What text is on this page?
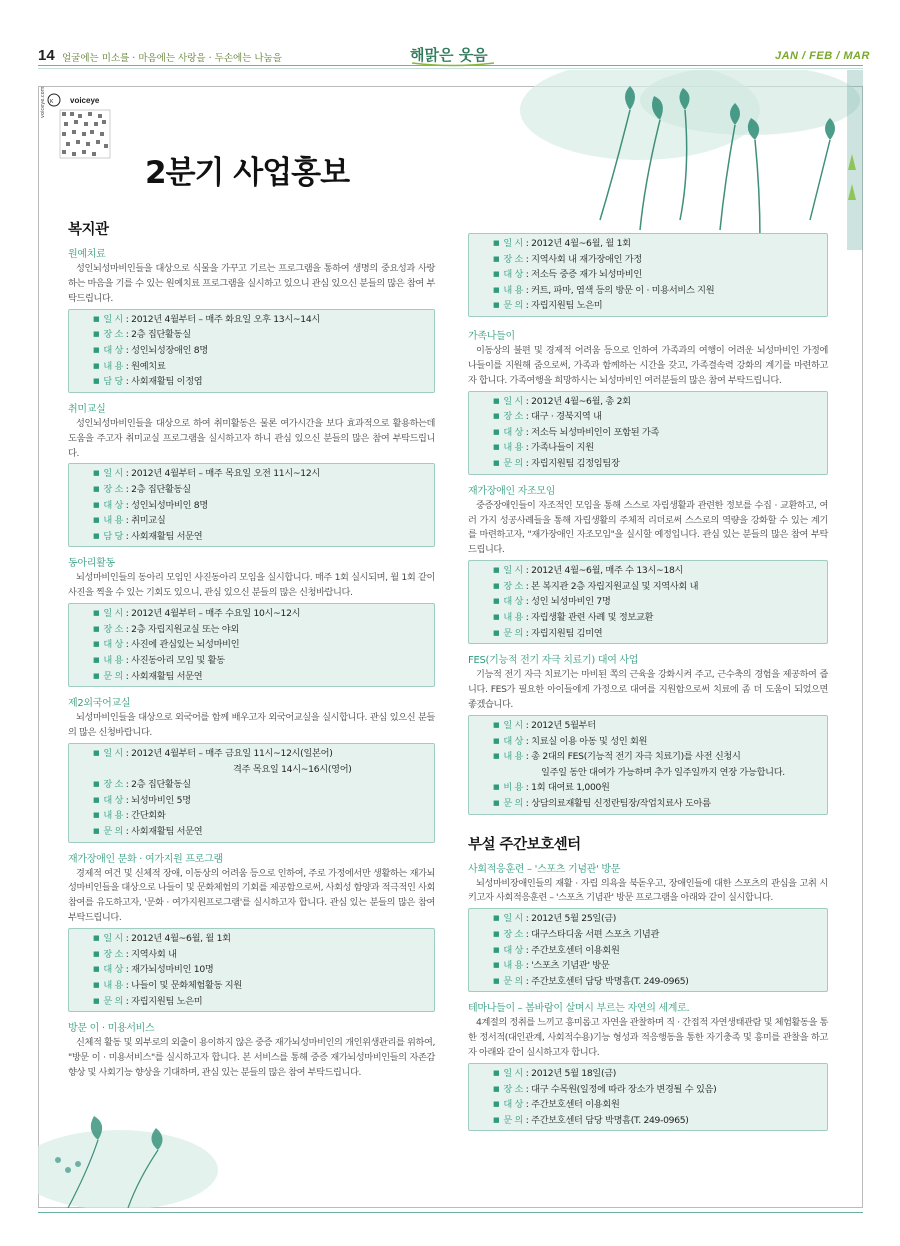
14 얼굴에는 미소를 · 마음에는 사랑을 · 두손에는 나눔을	해맑은 웃음	JAN / FEB / MAR
K voiceye
voiceye.com
2분기 사업홍보
복지관
원예치료
성인뇌성마비인들을 대상으로 식물을 가꾸고 기르는 프로그램을 통하여 생명의 중요성과 사랑하는 마음을 기를 수 있는 원예치료 프로그램을 실시하고 있으니 관심 있으신 분들의 많은 참여 부탁드립니다.
■ 일 시 : 2012년 4월부터 – 매주 화요일 오후 13시~14시
■ 장 소 : 2층 집단활동실
■ 대 상 : 성인뇌성장애인 8명
■ 내 용 : 원예치료
■ 담 당 : 사회재활팀 이정엽
취미교실
성인뇌성마비인들을 대상으로 하여 취미활동은 물론 여가시간을 보다 효과적으로 활용하는데 도움을 주고자 취미교실 프로그램을 실시하고자 하니 관심 있으신 분들의 많은 참여 부탁드립니다.
■ 일 시 : 2012년 4월부터 – 매주 목요일 오전 11시~12시
■ 장 소 : 2층 집단활동실
■ 대 상 : 성인뇌성마비인 8명
■ 내 용 : 취미교실
■ 담 당 : 사회재활팀 서문연
동아리활동
뇌성마비인들의 동아리 모임인 사진동아리 모임을 실시합니다. 매주 1회 실시되며, 월 1회 같이 사진을 찍을 수 있는 기회도 있으니, 관심 있으신 분들의 많은 신청바랍니다.
■ 일 시 : 2012년 4월부터 – 매주 수요일 10시~12시
■ 장 소 : 2층 자립지원교실 또는 야외
■ 대 상 : 사진에 관심있는 뇌성마비인
■ 내 용 : 사진동아리 모임 및 활동
■ 문 의 : 사회재활팀 서문연
제2외국어교실
뇌성마비인들을 대상으로 외국어를 함께 배우고자 외국어교실을 실시합니다. 관심 있으신 분들의 많은 신청바랍니다.
■ 일 시 : 2012년 4월부터 – 매주 금요일 11시~12시(일본어)
격주 목요일 14시~16시(영어)
■ 장 소 : 2층 집단활동실
■ 대 상 : 뇌성마비인 5명
■ 내 용 : 간단회화
■ 문 의 : 사회재활팀 서문연
재가장애인 문화 · 여가지원 프로그램
경제적 여건 및 신체적 장애, 이동상의 어려움 등으로 인하여, 주로 가정에서만 생활하는 재가뇌성마비인들을 대상으로 나들이 및 문화체험의 기회를 제공함으로써, 사회성 함양과 적극적인 사회참여를 유도하고자, '문화 · 여가지원프로그램'를 실시하고자 합니다. 관심 있는 분들의 많은 참여 부탁드립니다.
■ 일 시 : 2012년 4월~6월, 월 1회
■ 장 소 : 지역사회 내
■ 대 상 : 재가뇌성마비인 10명
■ 내 용 : 나들이 및 문화체험활동 지원
■ 문 의 : 자립지원팀 노은미
방문 이 · 미용서비스
신체적 활동 및 외부로의 외출이 용이하지 않은 중증 재가뇌성마비인의 개인위생관리를 위하여, "방문 이 · 미용서비스"를 실시하고자 합니다. 본 서비스를 통해 중증 재가뇌성마비인들의 자존감 향상 및 사회기능 향상을 기대하며, 관심 있는 분들의 많은 참여 부탁드립니다.
■ 일 시 : 2012년 4월~6월, 월 1회
■ 장 소 : 지역사회 내 재가장애인 가정
■ 대 상 : 저소득 중증 재가 뇌성마비인
■ 내 용 : 커트, 파마, 염색 등의 방문 이 · 미용서비스 지원
■ 문 의 : 자립지원팀 노은미
가족나들이
이동상의 불편 및 경제적 어려움 등으로 인하여 가족과의 여행이 어려운 뇌성마비인 가정에 나들이를 지원해 줌으로써, 가족과 함께하는 시간을 갖고, 가족결속력 강화의 계기를 마련하고자 합니다. 가족여행을 희망하시는 뇌성마비인 여러분들의 많은 참여 부탁드립니다.
■ 일 시 : 2012년 4월~6월, 총 2회
■ 장 소 : 대구 · 경북지역 내
■ 대 상 : 저소득 뇌성마비인이 포함된 가족
■ 내 용 : 가족나들이 지원
■ 문 의 : 자립지원팀 김정임팀장
재가장애인 자조모임
중증장애인들이 자조적인 모임을 통해 스스로 자립생활과 관련한 정보를 수집 · 교환하고, 여러 가지 성공사례들을 통해 자립생활의 주체적 리더로써 스스로의 역량을 강화할 수 있는 계기를 마련하고자, "재가장애인 자조모임"을 실시할 예정입니다. 관심 있는 분들의 많은 참여 부탁드립니다.
■ 일 시 : 2012년 4월~6월, 매주 수 13시~18시
■ 장 소 : 본 복지관 2층 자립지원교실 및 지역사회 내
■ 대 상 : 성인 뇌성마비인 7명
■ 내 용 : 자립생활 관련 사례 및 정보교환
■ 문 의 : 자립지원팀 김미연
FES(기능적 전기 자극 치료기) 대여 사업
기능적 전기 자극 치료기는 마비된 쪽의 근육을 강화시켜 주고, 근수축의 경험을 제공하여 줍니다. FES가 필요한 아이들에게 가정으로 대여를 지원함으로써 치료에 좀 더 도움이 되었으면 좋겠습니다.
■ 일 시 : 2012년 5월부터
■ 대 상 : 치료실 이용 아동 및 성인 회원
■ 내 용 : 총 2대의 FES(기능적 전기 자극 치료기)를 사전 신청시
일주일 동안 대여가 가능하며 추가 일주일까지 연장 가능합니다.
■ 비 용 : 1회 대여료 1,000원
■ 문 의 : 상담의료재활팀 신정란팀장/작업치료사 도아름
부설 주간보호센터
사회적응훈련 – '스포츠 기념관' 방문
뇌성마비장애인들의 재활 · 자립 의욕을 북돋우고, 장애인들에 대한 스포츠의 관심을 고취 시키고자 사회적응훈련 – '스포츠 기념관' 방문 프로그램을 아래와 같이 실시합니다.
■ 일 시 : 2012년 5월 25일(금)
■ 장 소 : 대구스타디움 서편 스포츠 기념관
■ 대 상 : 주간보호센터 이용회원
■ 내 용 : '스포츠 기념관' 방문
■ 문 의 : 주간보호센터 담당 박명흠(T. 249-0965)
테마나들이 – 봄바람이 살며시 부르는 자연의 세계로.
4계절의 정취를 느끼고 흥미롭고 자연을 관찰하며 직 · 간접적 자연생태관람 및 체험활동을 통한 정서적(대인관계, 사회적수용)기능 형성과 적응행동을 통한 자기충족 및 흥미를 관찰을 하고자 아래와 같이 실시하고자 합니다.
■ 일 시 : 2012년 5월 18일(금)
■ 장 소 : 대구 수목원(일정에 따라 장소가 변경될 수 있음)
■ 대 상 : 주간보호센터 이용회원
■ 문 의 : 주간보호센터 담당 박명흠(T. 249-0965)
